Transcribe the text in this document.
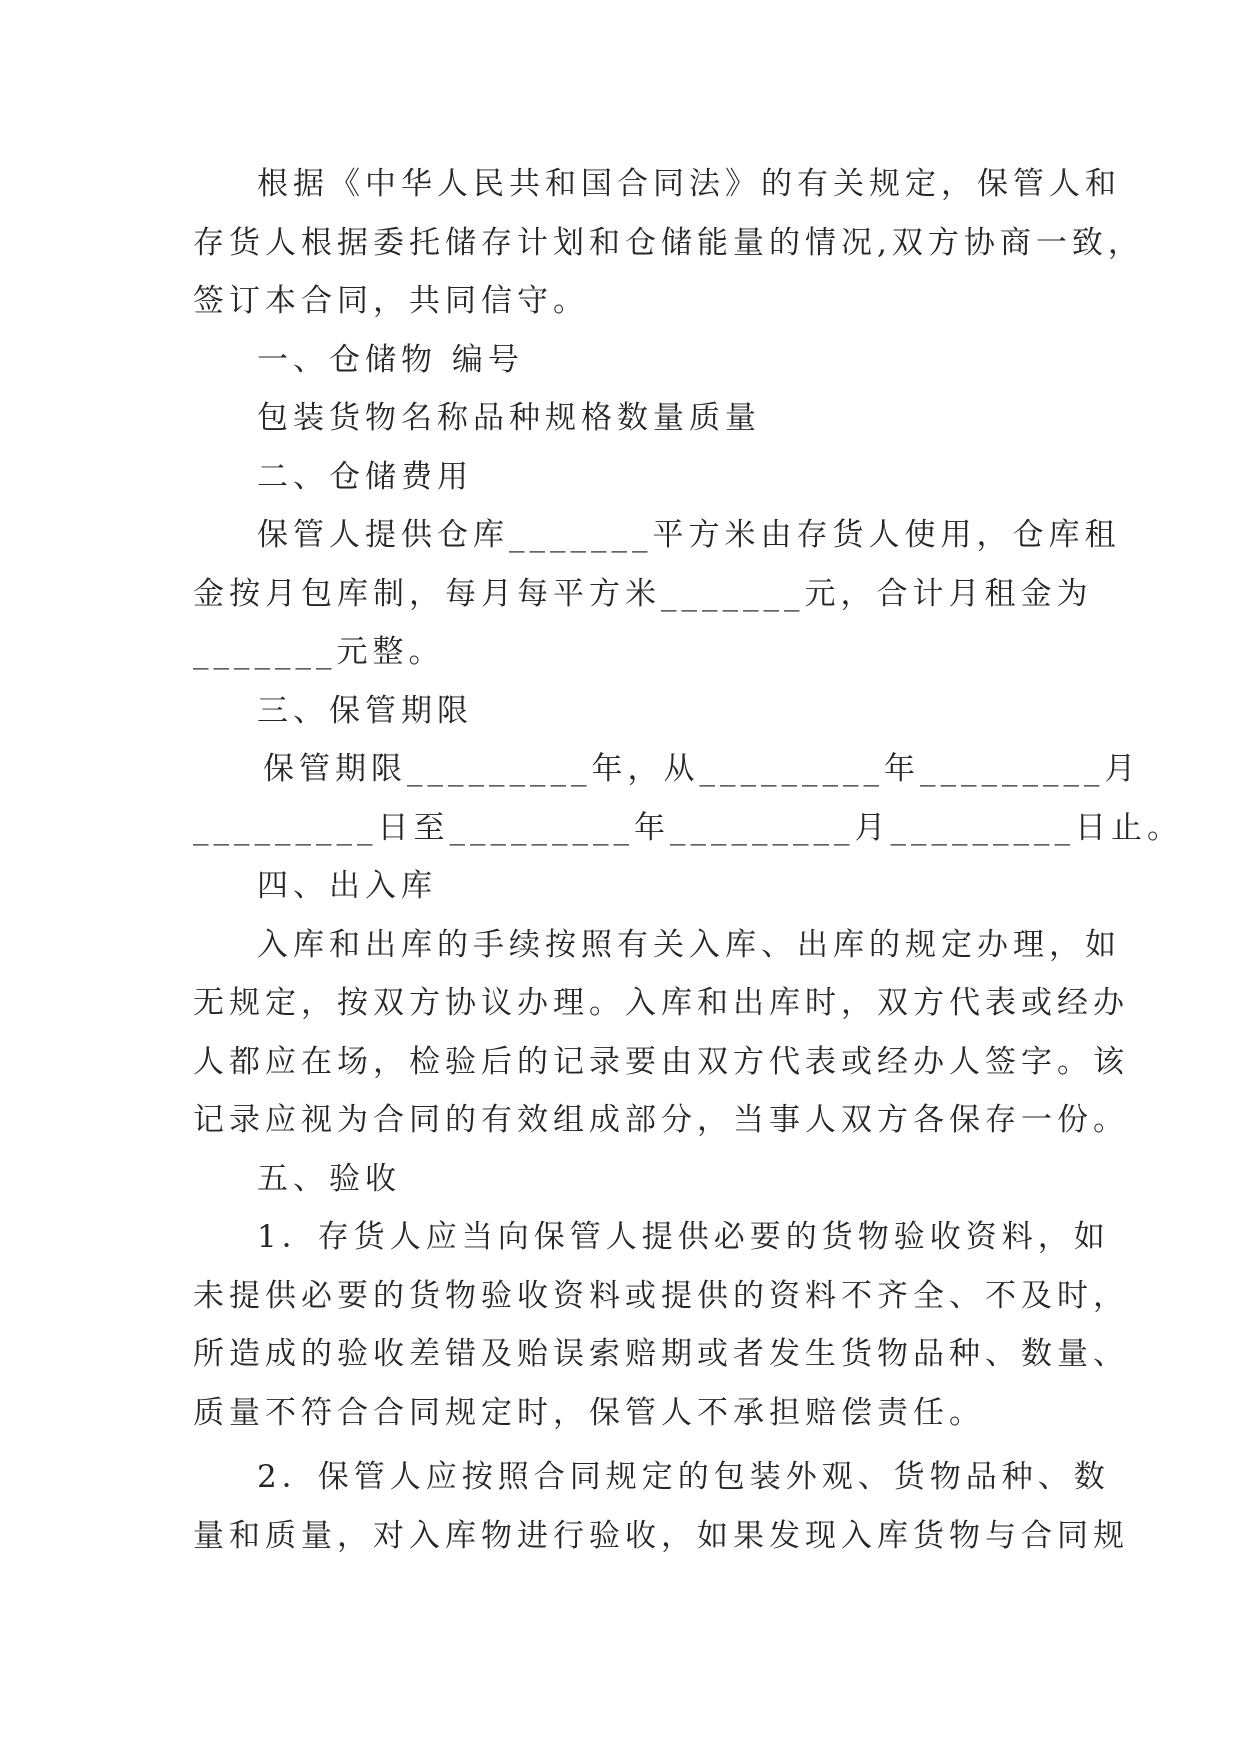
根据《中华人民共和国合同法》的有关规定，保管人和
存货人根据委托储存计划和仓储能量的情况,双方协商一致，
签订本合同，共同信守。
一、仓储物 编号
包装货物名称品种规格数量质量
二、仓储费用
保管人提供仓库_______平方米由存货人使用，仓库租
金按月包库制，每月每平方米_______元，合计月租金为
_______元整。
三、保管期限
保管期限_________年，从_________年_________月
_________日至_________年_________月_________日止。
四、出入库
入库和出库的手续按照有关入库、出库的规定办理，如
无规定，按双方协议办理。入库和出库时，双方代表或经办
人都应在场，检验后的记录要由双方代表或经办人签字。该
记录应视为合同的有效组成部分，当事人双方各保存一份。
五、验收
1．存货人应当向保管人提供必要的货物验收资料，如
未提供必要的货物验收资料或提供的资料不齐全、不及时，
所造成的验收差错及贻误索赔期或者发生货物品种、数量、
质量不符合合同规定时，保管人不承担赔偿责任。
2．保管人应按照合同规定的包装外观、货物品种、数
量和质量，对入库物进行验收，如果发现入库货物与合同规
